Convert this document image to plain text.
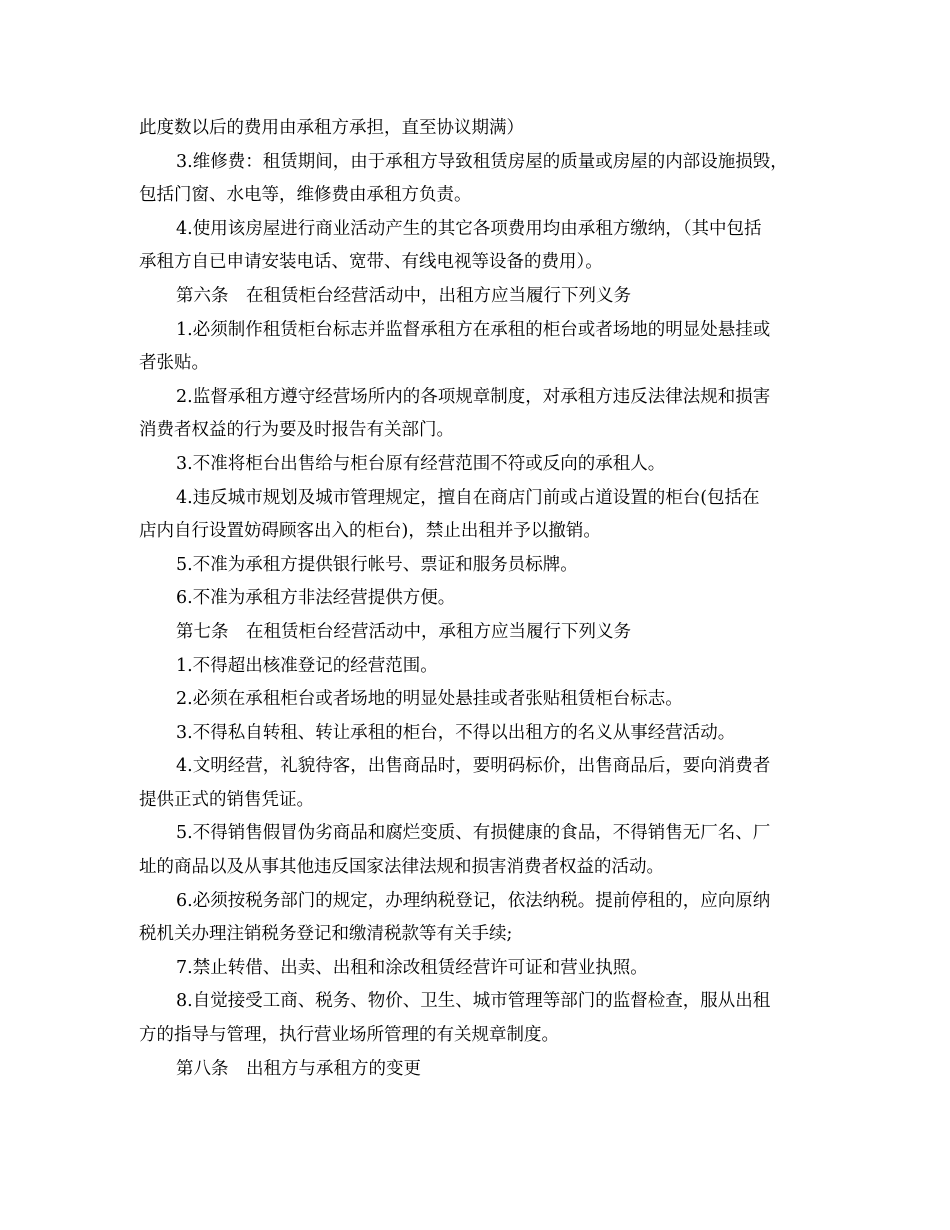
此度数以后的费用由承租方承担，直至协议期满）
3.维修费：租赁期间，由于承租方导致租赁房屋的质量或房屋的内部设施损毁，
包括门窗、水电等，维修费由承租方负责。
4.使用该房屋进行商业活动产生的其它各项费用均由承租方缴纳，（其中包括
承租方自已申请安装电话、宽带、有线电视等设备的费用）。
第六条　在租赁柜台经营活动中，出租方应当履行下列义务
1.必须制作租赁柜台标志并监督承租方在承租的柜台或者场地的明显处悬挂或
者张贴。
2.监督承租方遵守经营场所内的各项规章制度，对承租方违反法律法规和损害
消费者权益的行为要及时报告有关部门。
3.不准将柜台出售给与柜台原有经营范围不符或反向的承租人。
4.违反城市规划及城市管理规定，擅自在商店门前或占道设置的柜台(包括在
店内自行设置妨碍顾客出入的柜台)，禁止出租并予以撤销。
5.不准为承租方提供银行帐号、票证和服务员标牌。
6.不准为承租方非法经营提供方便。
第七条　在租赁柜台经营活动中，承租方应当履行下列义务
1.不得超出核准登记的经营范围。
2.必须在承租柜台或者场地的明显处悬挂或者张贴租赁柜台标志。
3.不得私自转租、转让承租的柜台，不得以出租方的名义从事经营活动。
4.文明经营，礼貌待客，出售商品时，要明码标价，出售商品后，要向消费者
提供正式的销售凭证。
5.不得销售假冒伪劣商品和腐烂变质、有损健康的食品，不得销售无厂名、厂
址的商品以及从事其他违反国家法律法规和损害消费者权益的活动。
6.必须按税务部门的规定，办理纳税登记，依法纳税。提前停租的，应向原纳
税机关办理注销税务登记和缴清税款等有关手续;
7.禁止转借、出卖、出租和涂改租赁经营许可证和营业执照。
8.自觉接受工商、税务、物价、卫生、城市管理等部门的监督检查，服从出租
方的指导与管理，执行营业场所管理的有关规章制度。
第八条　出租方与承租方的变更
